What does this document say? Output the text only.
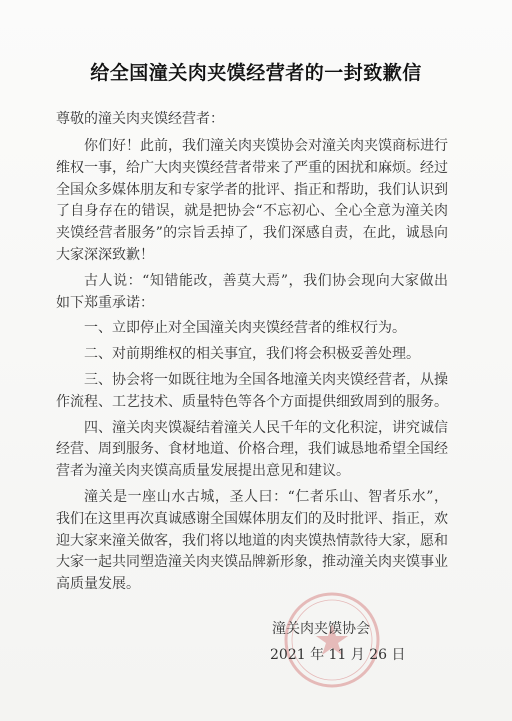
给全国潼关肉夹馍经营者的一封致歉信
尊敬的潼关肉夹馍经营者：

你们好！此前，我们潼关肉夹馍协会对潼关肉夹馍商标进行维权一事，给广大肉夹馍经营者带来了严重的困扰和麻烦。经过全国众多媒体朋友和专家学者的批评、指正和帮助，我们认识到了自身存在的错误，就是把协会“不忘初心、全心全意为潼关肉夹馍经营者服务”的宗旨丢掉了，我们深感自责，在此，诚恳向大家深深致歉！

古人说：“知错能改，善莫大焉”，我们协会现向大家做出如下郑重承诺：

一、立即停止对全国潼关肉夹馍经营者的维权行为。

二、对前期维权的相关事宜，我们将会积极妥善处理。

三、协会将一如既往地为全国各地潼关肉夹馍经营者，从操作流程、工艺技术、质量特色等各个方面提供细致周到的服务。

四、潼关肉夹馍凝结着潼关人民千年的文化积淀，讲究诚信经营、周到服务、食材地道、价格合理，我们诚恳地希望全国经营者为潼关肉夹馍高质量发展提出意见和建议。

潼关是一座山水古城，圣人曰：“仁者乐山、智者乐水”，我们在这里再次真诚感谢全国媒体朋友们的及时批评、指正，欢迎大家来潼关做客，我们将以地道的肉夹馍热情款待大家，愿和大家一起共同塑造潼关肉夹馍品牌新形象，推动潼关肉夹馍事业高质量发展。

潼关肉夹馍协会
2021 年 11 月 26 日
